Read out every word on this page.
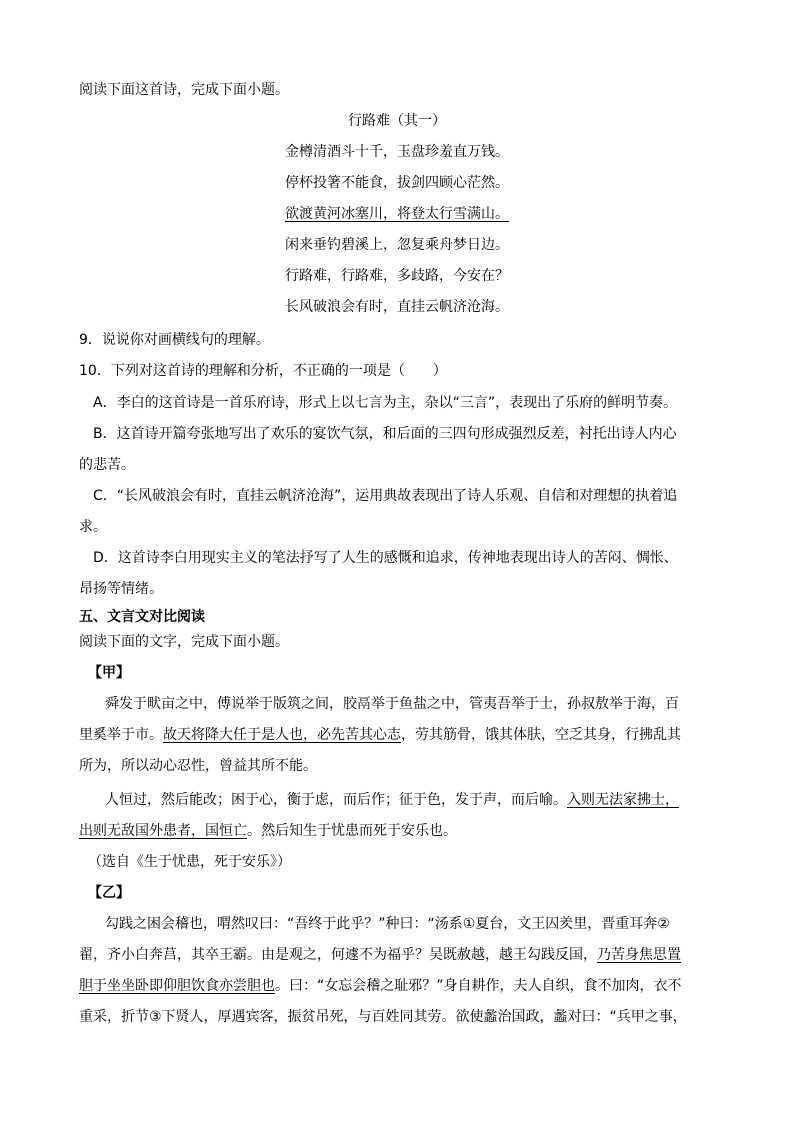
阅读下面这首诗，完成下面小题。
行路难（其一）
金樽清酒斗十千，玉盘珍羞直万钱。
停杯投箸不能食，拔剑四顾心茫然。
欲渡黄河冰塞川，将登太行雪满山。
闲来垂钓碧溪上，忽复乘舟梦日边。
行路难，行路难，多歧路，今安在？
长风破浪会有时，直挂云帆济沧海。
9．说说你对画横线句的理解。
10．下列对这首诗的理解和分析，不正确的一项是（　　）
A．李白的这首诗是一首乐府诗，形式上以七言为主，杂以“三言”，表现出了乐府的鲜明节奏。
B．这首诗开篇夸张地写出了欢乐的宴饮气氛，和后面的三四句形成强烈反差，衬托出诗人内心
的悲苦。
C．“长风破浪会有时，直挂云帆济沧海”，运用典故表现出了诗人乐观、自信和对理想的执着追
求。
D．这首诗李白用现实主义的笔法抒写了人生的感慨和追求，传神地表现出诗人的苦闷、惆怅、
昂扬等情绪。
五、文言文对比阅读
阅读下面的文字，完成下面小题。
【甲】
舜发于畎亩之中，傅说举于版筑之间，胶鬲举于鱼盐之中，管夷吾举于士，孙叔敖举于海，百
里奚举于市。故天将降大任于是人也，必先苦其心志，劳其筋骨，饿其体肤，空乏其身，行拂乱其
所为，所以动心忍性，曾益其所不能。
人恒过，然后能改；困于心，衡于虑，而后作；征于色，发于声，而后喻。入则无法家拂士，
出则无敌国外患者，国恒亡。然后知生于忧患而死于安乐也。
（选自《生于忧患，死于安乐》）
【乙】
勾践之困会稽也，喟然叹曰：“吾终于此乎？”种曰：“汤系①夏台，文王囚羑里，晋重耳奔②
翟，齐小白奔莒，其卒王霸。由是观之，何遽不为福乎？吴既赦越，越王勾践反国，乃苦身焦思置
胆于坐坐卧即仰胆饮食亦尝胆也。曰：“女忘会稽之耻邪？”身自耕作，夫人自织，食不加肉，衣不
重采，折节③下贤人，厚遇宾客，振贫吊死，与百姓同其劳。欲使蠡治国政，蠡对曰：“兵甲之事，
